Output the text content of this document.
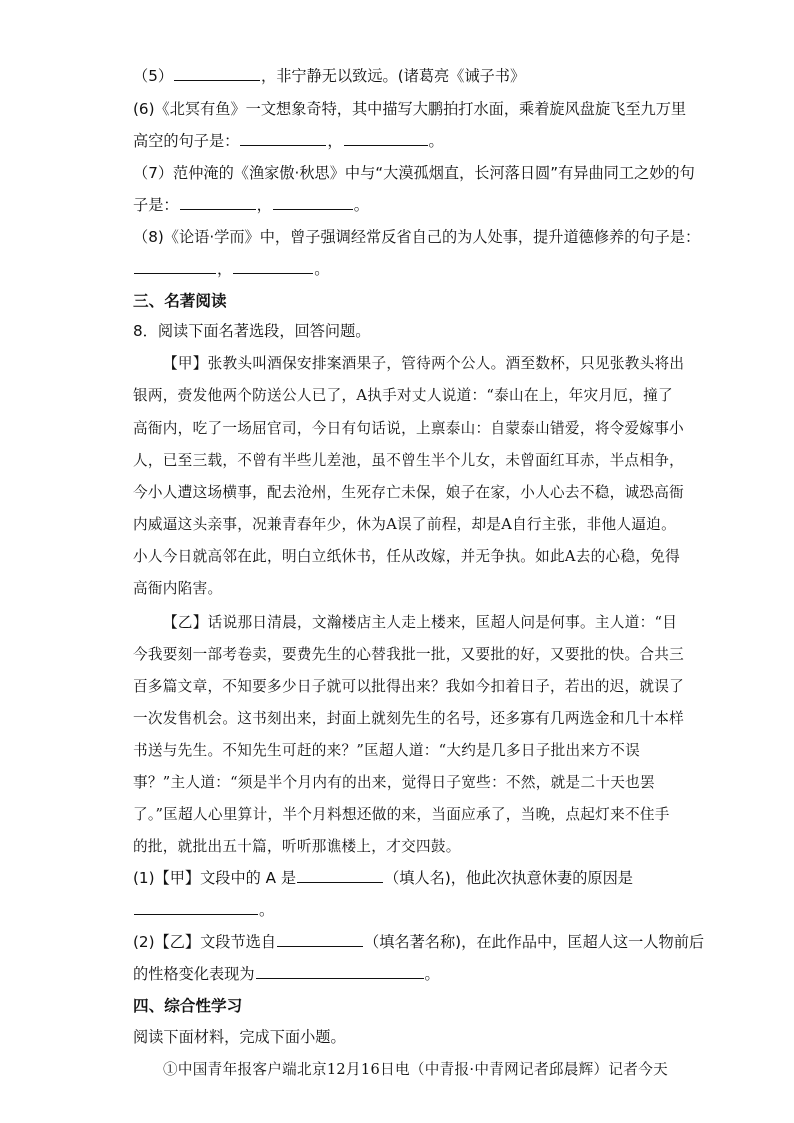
（5）	，非宁静无以致远。(诸葛亮《诫子书》
(6)《北冥有鱼》一文想象奇特，其中描写大鹏拍打水面，乘着旋风盘旋飞至九万里
高空的句子是：	，	。
（7）范仲淹的《渔家傲·秋思》中与“大漠孤烟直，长河落日圆”有异曲同工之妙的句
子是：	，	。
（8)《论语·学而》中，曾子强调经常反省自己的为人处事，提升道德修养的句子是：
，	。
三、名著阅读
8．阅读下面名著选段，回答问题。
【甲】张教头叫酒保安排案酒果子，管待两个公人。酒至数杯，只见张教头将出
银两，赍发他两个防送公人已了，A执手对丈人说道：“泰山在上，年灾月厄，撞了
高衙内，吃了一场屈官司，今日有句话说，上禀泰山：自蒙泰山错爱，将令爱嫁事小
人，已至三载，不曾有半些儿差池，虽不曾生半个儿女，未曾面红耳赤，半点相争，
今小人遭这场横事，配去沧州，生死存亡未保，娘子在家，小人心去不稳，诚恐高衙
内威逼这头亲事，况兼青春年少，休为A误了前程，却是A自行主张，非他人逼迫。
小人今日就高邻在此，明白立纸休书，任从改嫁，并无争执。如此A去的心稳，免得
高衙内陷害。
【乙】话说那日清晨，文瀚楼店主人走上楼来，匡超人问是何事。主人道：“目
今我要刻一部考卷卖，要费先生的心替我批一批，又要批的好，又要批的快。合共三
百多篇文章，不知要多少日子就可以批得出来？我如今扣着日子，若出的迟，就误了
一次发售机会。这书刻出来，封面上就刻先生的名号，还多寡有几两选金和几十本样
书送与先生。不知先生可赶的来？”匡超人道：“大约是几多日子批出来方不误
事？”主人道：“须是半个月内有的出来，觉得日子宽些：不然，就是二十天也罢
了。”匡超人心里算计，半个月料想还做的来，当面应承了，当晚，点起灯来不住手
的批，就批出五十篇，听听那谯楼上，才交四鼓。
(1)【甲】文段中的 A 是	（填人名)，他此次执意休妻的原因是
。
(2)【乙】文段节选自	（填名著名称)，在此作品中，匡超人这一人物前后
的性格变化表现为	。
四、综合性学习
阅读下面材料，完成下面小题。
①中国青年报客户端北京12月16日电（中青报·中青网记者邱晨辉）记者今天
